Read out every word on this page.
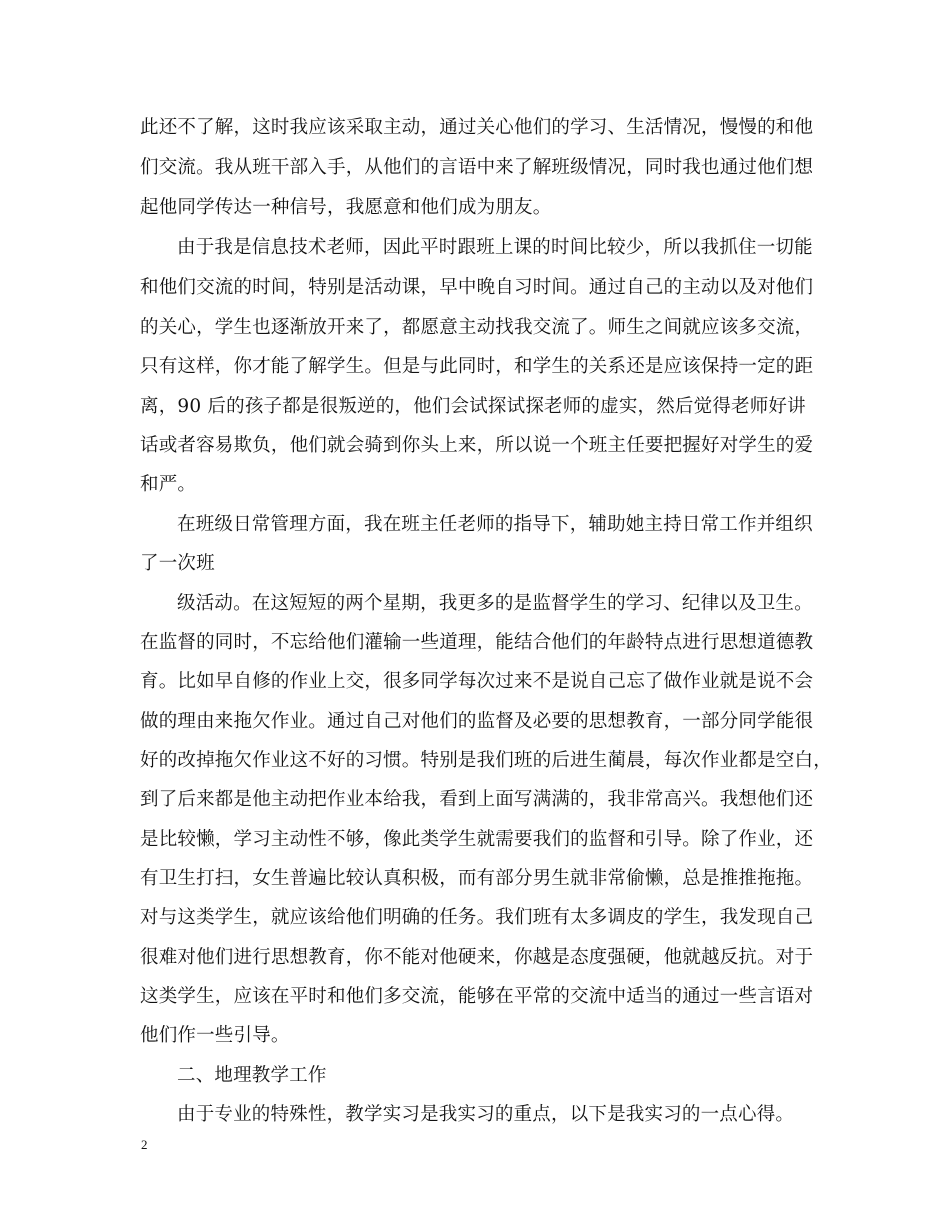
此还不了解，这时我应该采取主动，通过关心他们的学习、生活情况，慢慢的和他
们交流。我从班干部入手，从他们的言语中来了解班级情况，同时我也通过他们想
起他同学传达一种信号，我愿意和他们成为朋友。
由于我是信息技术老师，因此平时跟班上课的时间比较少，所以我抓住一切能
和他们交流的时间，特别是活动课，早中晚自习时间。通过自己的主动以及对他们
的关心，学生也逐渐放开来了，都愿意主动找我交流了。师生之间就应该多交流，
只有这样，你才能了解学生。但是与此同时，和学生的关系还是应该保持一定的距
离，90 后的孩子都是很叛逆的，他们会试探试探老师的虚实，然后觉得老师好讲
话或者容易欺负，他们就会骑到你头上来，所以说一个班主任要把握好对学生的爱
和严。
在班级日常管理方面，我在班主任老师的指导下，辅助她主持日常工作并组织
了一次班
级活动。在这短短的两个星期，我更多的是监督学生的学习、纪律以及卫生。
在监督的同时，不忘给他们灌输一些道理，能结合他们的年龄特点进行思想道德教
育。比如早自修的作业上交，很多同学每次过来不是说自己忘了做作业就是说不会
做的理由来拖欠作业。通过自己对他们的监督及必要的思想教育，一部分同学能很
好的改掉拖欠作业这不好的习惯。特别是我们班的后进生蔺晨，每次作业都是空白，
到了后来都是他主动把作业本给我，看到上面写满满的，我非常高兴。我想他们还
是比较懒，学习主动性不够，像此类学生就需要我们的监督和引导。除了作业，还
有卫生打扫，女生普遍比较认真积极，而有部分男生就非常偷懒，总是推推拖拖。
对与这类学生，就应该给他们明确的任务。我们班有太多调皮的学生，我发现自己
很难对他们进行思想教育，你不能对他硬来，你越是态度强硬，他就越反抗。对于
这类学生，应该在平时和他们多交流，能够在平常的交流中适当的通过一些言语对
他们作一些引导。
二、地理教学工作
由于专业的特殊性，教学实习是我实习的重点，以下是我实习的一点心得。
2
